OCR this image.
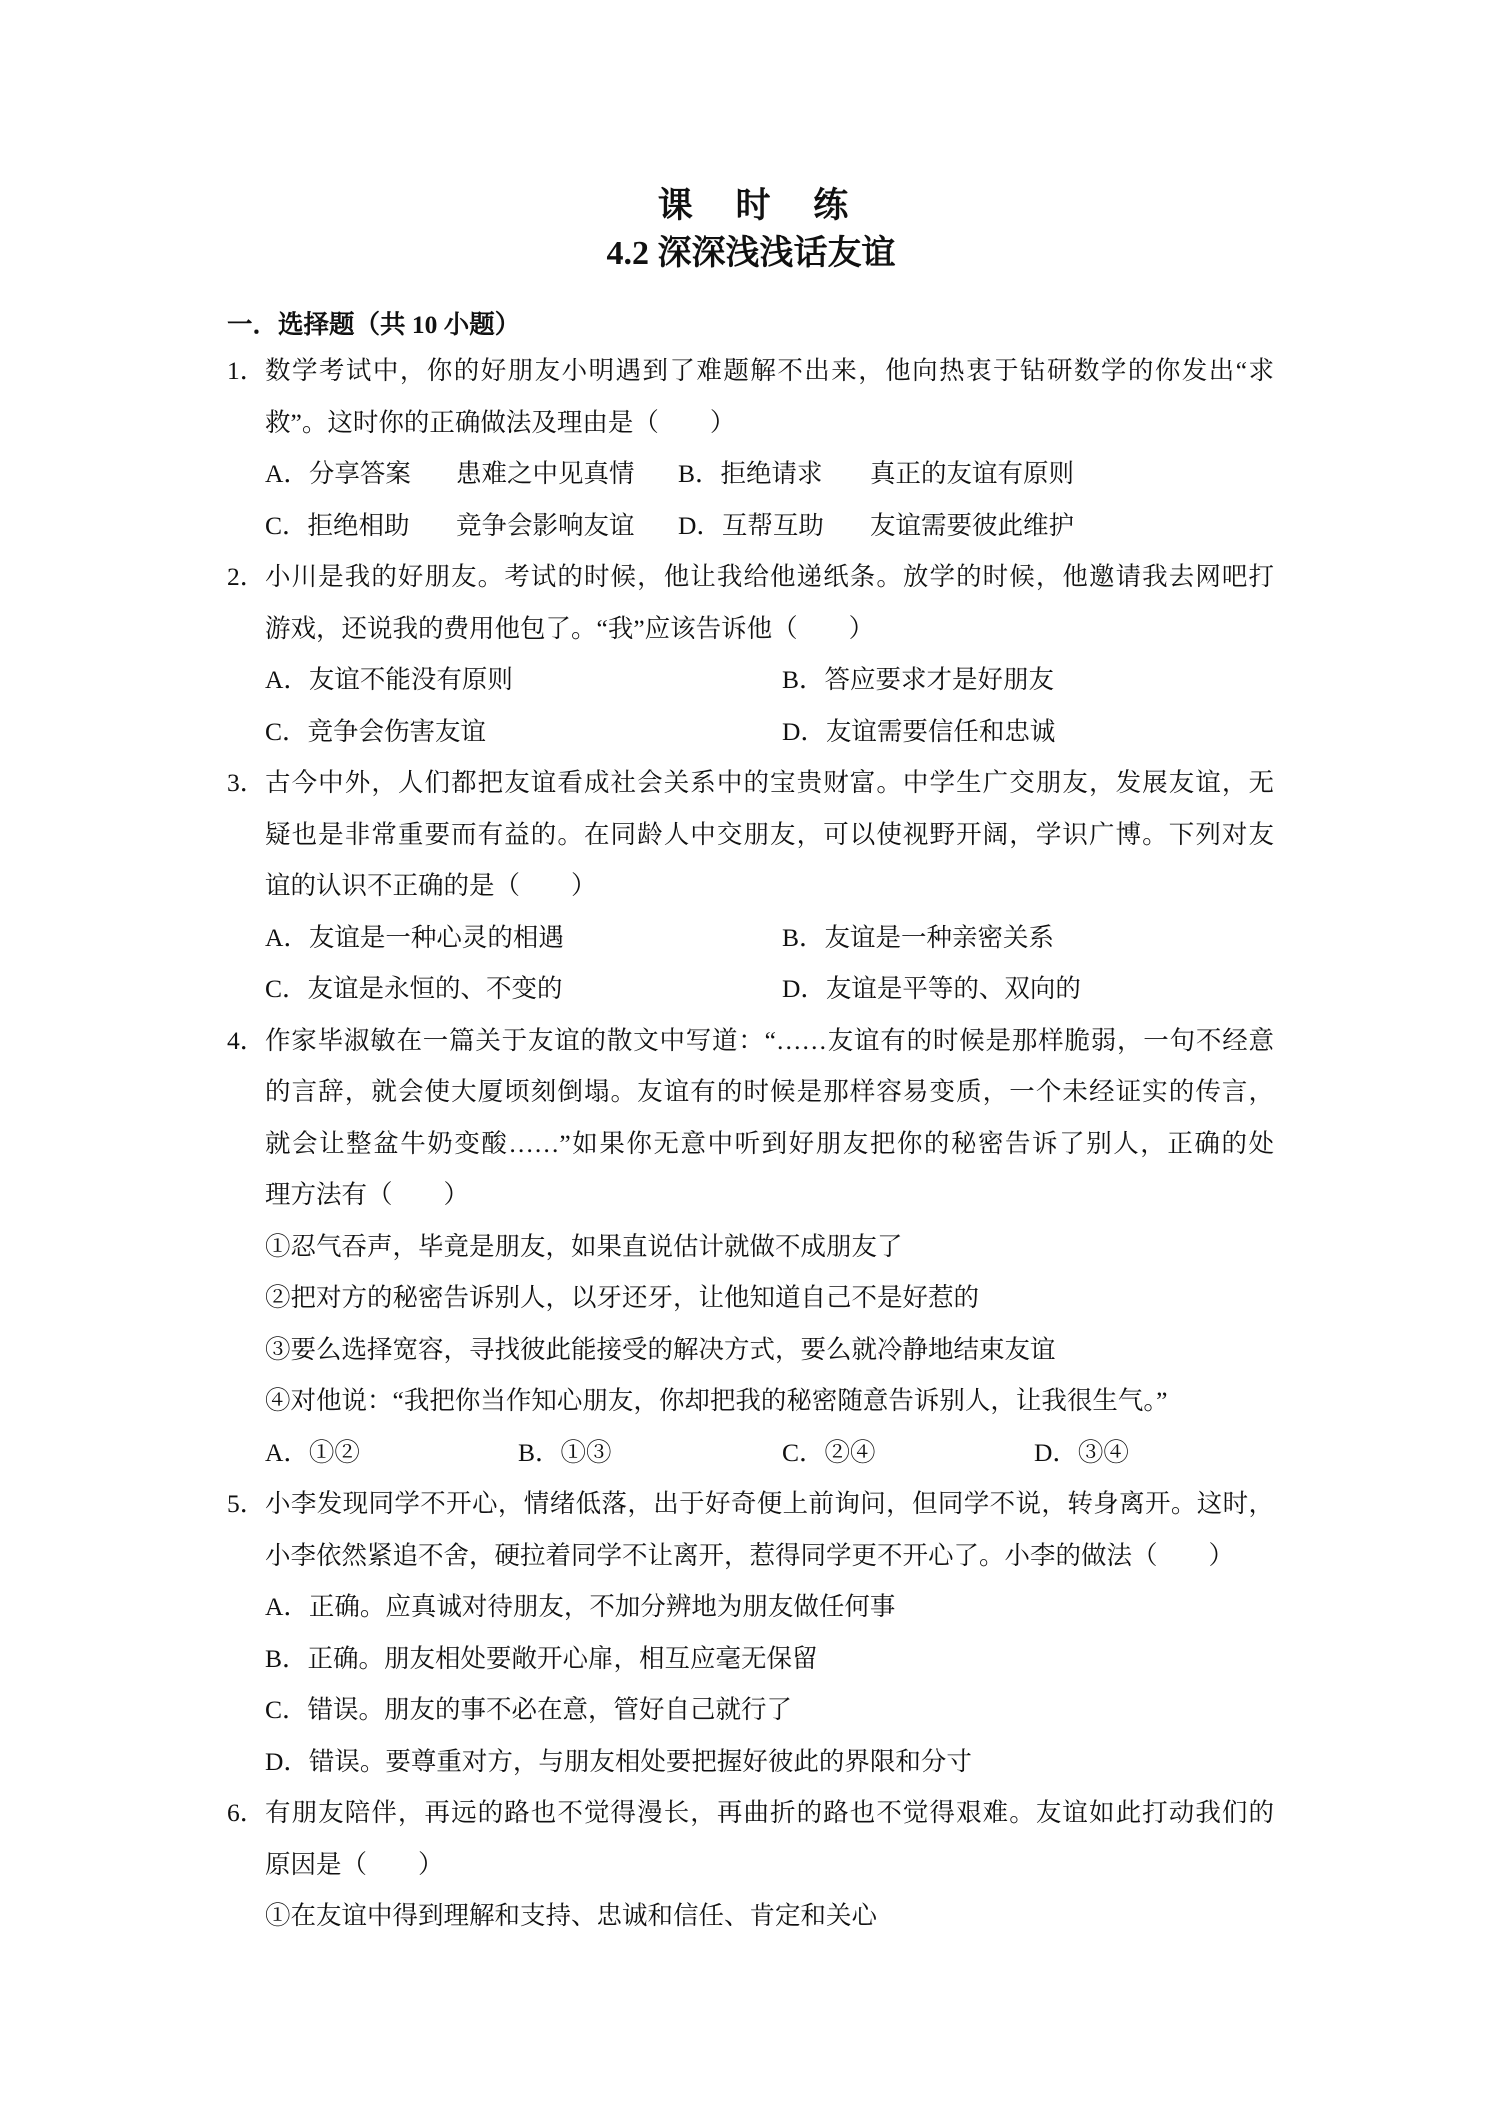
课 时 练
4.2 深深浅浅话友谊
一．选择题（共 10 小题）
1． 数学考试中，你的好朋友小明遇到了难题解不出来，他向热衷于钻研数学的你发出“求
救”。这时你的正确做法及理由是（　　）
A．分享答案 患难之中见真情 B．拒绝请求 真正的友谊有原则
C．拒绝相助 竞争会影响友谊 D．互帮互助 友谊需要彼此维护
2． 小川是我的好朋友。考试的时候，他让我给他递纸条。放学的时候，他邀请我去网吧打
游戏，还说我的费用他包了。“我”应该告诉他（　　）
A．友谊不能没有原则	B．答应要求才是好朋友
C．竞争会伤害友谊	D．友谊需要信任和忠诚
3． 古今中外，人们都把友谊看成社会关系中的宝贵财富。中学生广交朋友，发展友谊，无
疑也是非常重要而有益的。在同龄人中交朋友，可以使视野开阔，学识广博。下列对友
谊的认识不正确的是（　　）
A．友谊是一种心灵的相遇	B．友谊是一种亲密关系
C．友谊是永恒的、不变的	D．友谊是平等的、双向的
4． 作家毕淑敏在一篇关于友谊的散文中写道：“……友谊有的时候是那样脆弱，一句不经意
的言辞，就会使大厦顷刻倒塌。友谊有的时候是那样容易变质，一个未经证实的传言，
就会让整盆牛奶变酸……”如果你无意中听到好朋友把你的秘密告诉了别人，正确的处
理方法有（　　）
①忍气吞声，毕竟是朋友，如果直说估计就做不成朋友了
②把对方的秘密告诉别人，以牙还牙，让他知道自己不是好惹的
③要么选择宽容，寻找彼此能接受的解决方式，要么就冷静地结束友谊
④对他说：“我把你当作知心朋友，你却把我的秘密随意告诉别人，让我很生气。”
A．①②	B．①③	C．②④	D．③④
5． 小李发现同学不开心，情绪低落，出于好奇便上前询问，但同学不说，转身离开。这时，
小李依然紧追不舍，硬拉着同学不让离开，惹得同学更不开心了。小李的做法（　　）
A．正确。应真诚对待朋友，不加分辨地为朋友做任何事
B．正确。朋友相处要敞开心扉，相互应毫无保留
C．错误。朋友的事不必在意，管好自己就行了
D．错误。要尊重对方，与朋友相处要把握好彼此的界限和分寸
6． 有朋友陪伴，再远的路也不觉得漫长，再曲折的路也不觉得艰难。友谊如此打动我们的
原因是（　　）
①在友谊中得到理解和支持、忠诚和信任、肯定和关心
